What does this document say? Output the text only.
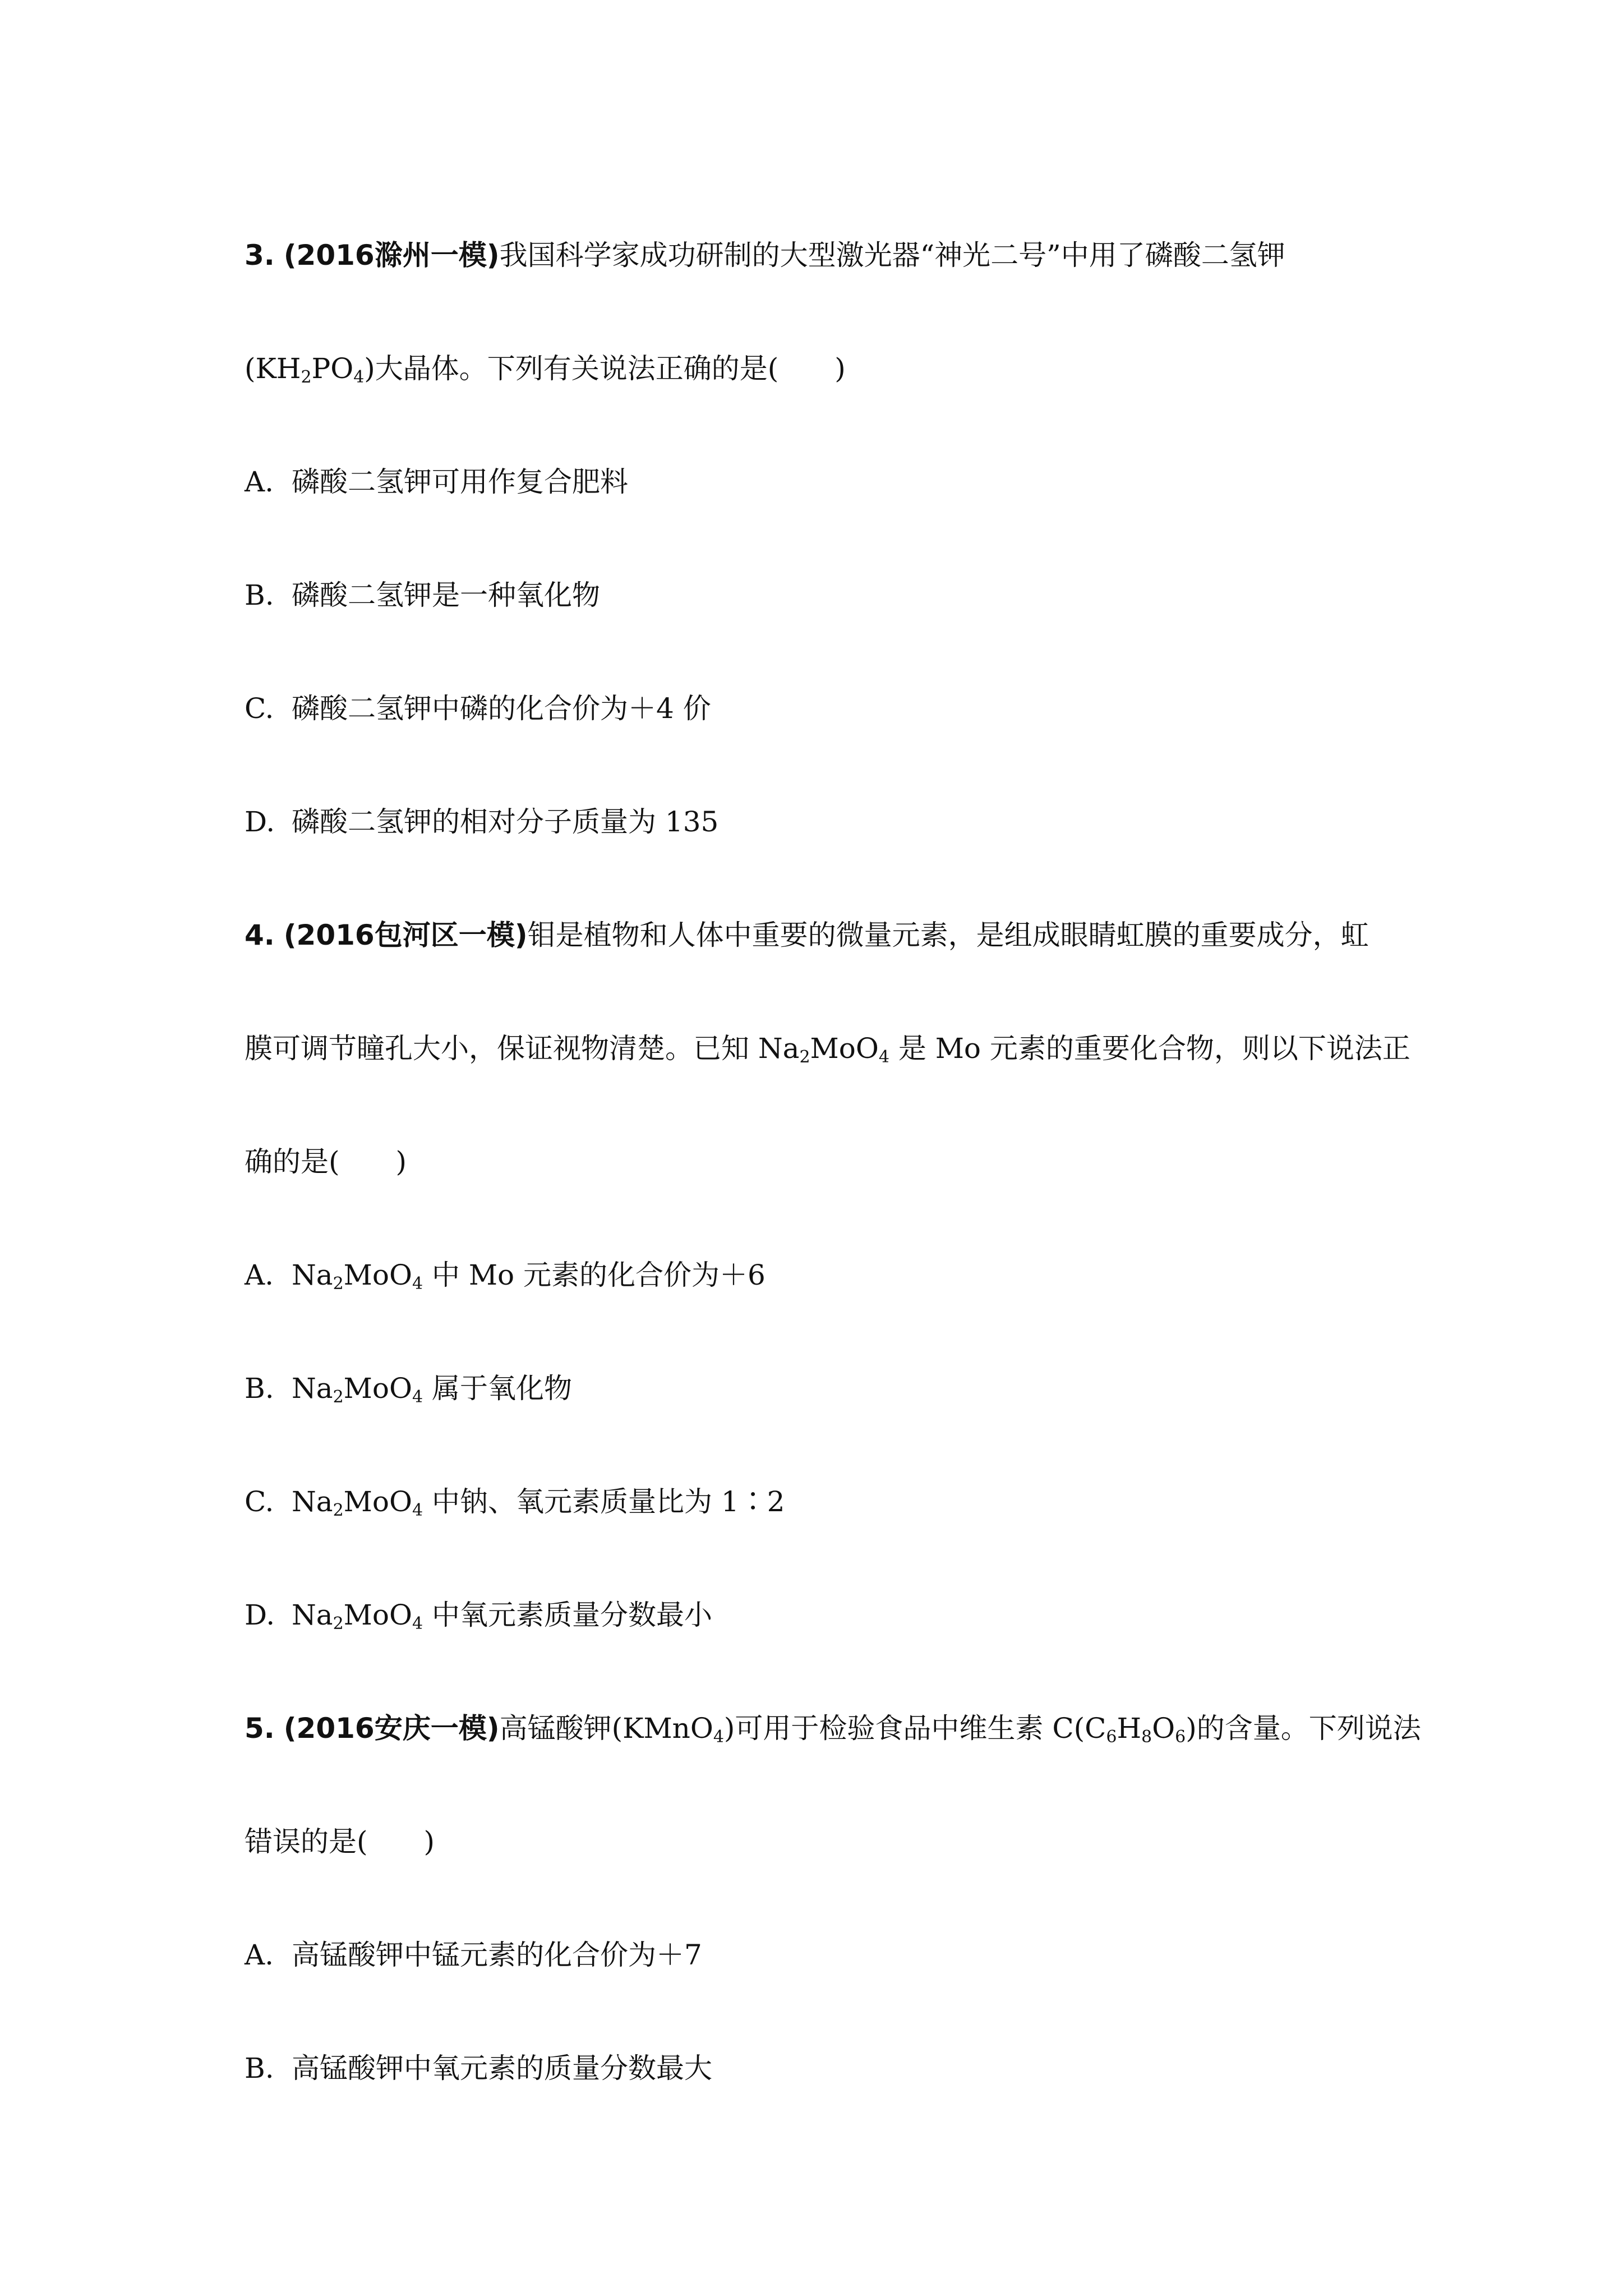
3. (2016滁州一模)我国科学家成功研制的大型激光器“神光二号”中用了磷酸二氢钾
$(KH_2PO_4)$大晶体。下列有关说法正确的是(　　)
A. 磷酸二氢钾可用作复合肥料
B. 磷酸二氢钾是一种氧化物
C. 磷酸二氢钾中磷的化合价为＋4 价
D. 磷酸二氢钾的相对分子质量为 135
4. (2016包河区一模)钼是植物和人体中重要的微量元素，是组成眼睛虹膜的重要成分，虹
膜可调节瞳孔大小，保证视物清楚。已知 $Na_2MoO_4$ 是 Mo 元素的重要化合物，则以下说法正
确的是(　　)
A. $Na_2MoO_4$ 中 Mo 元素的化合价为＋6
B. $Na_2MoO_4$ 属于氧化物
C. $Na_2MoO_4$ 中钠、氧元素质量比为 1∶2
D. $Na_2MoO_4$ 中氧元素质量分数最小
5. (2016安庆一模)高锰酸钾(KMnO$_4$)可用于检验食品中维生素 $C(C_6H_8O_6)$的含量。下列说法
错误的是(　　)
A. 高锰酸钾中锰元素的化合价为＋7
B. 高锰酸钾中氧元素的质量分数最大
